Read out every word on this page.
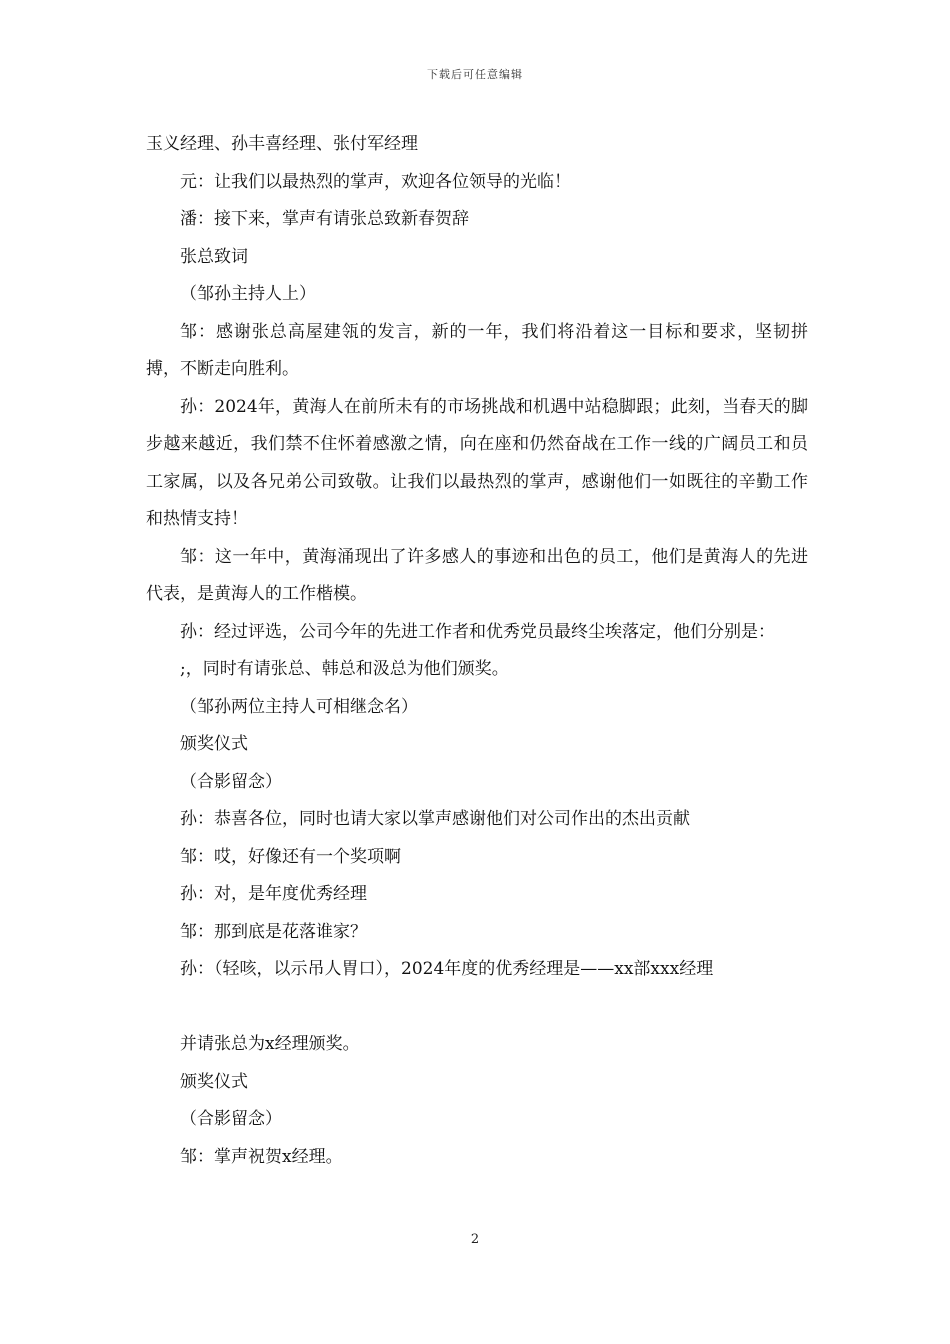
下载后可任意编辑

玉义经理、孙丰喜经理、张付军经理

元：让我们以最热烈的掌声，欢迎各位领导的光临！

潘：接下来，掌声有请张总致新春贺辞

张总致词

（邹孙主持人上）

邹：感谢张总高屋建瓴的发言，新的一年，我们将沿着这一目标和要求，坚韧拼搏，不断走向胜利。

孙：2024年，黄海人在前所未有的市场挑战和机遇中站稳脚跟；此刻，当春天的脚步越来越近，我们禁不住怀着感激之情，向在座和仍然奋战在工作一线的广阔员工和员工家属，以及各兄弟公司致敬。让我们以最热烈的掌声，感谢他们一如既往的辛勤工作和热情支持！

邹：这一年中，黄海涌现出了许多感人的事迹和出色的员工，他们是黄海人的先进代表，是黄海人的工作楷模。

孙：经过评选，公司今年的先进工作者和优秀党员最终尘埃落定，他们分别是：

;，同时有请张总、韩总和汲总为他们颁奖。

（邹孙两位主持人可相继念名）

颁奖仪式

（合影留念）

孙：恭喜各位，同时也请大家以掌声感谢他们对公司作出的杰出贡献

邹：哎，好像还有一个奖项啊

孙：对，是年度优秀经理

邹：那到底是花落谁家？

孙：（轻咳，以示吊人胃口），2024年度的优秀经理是——xx部xxx经理

并请张总为x经理颁奖。

颁奖仪式

（合影留念）

邹：掌声祝贺x经理。

2
